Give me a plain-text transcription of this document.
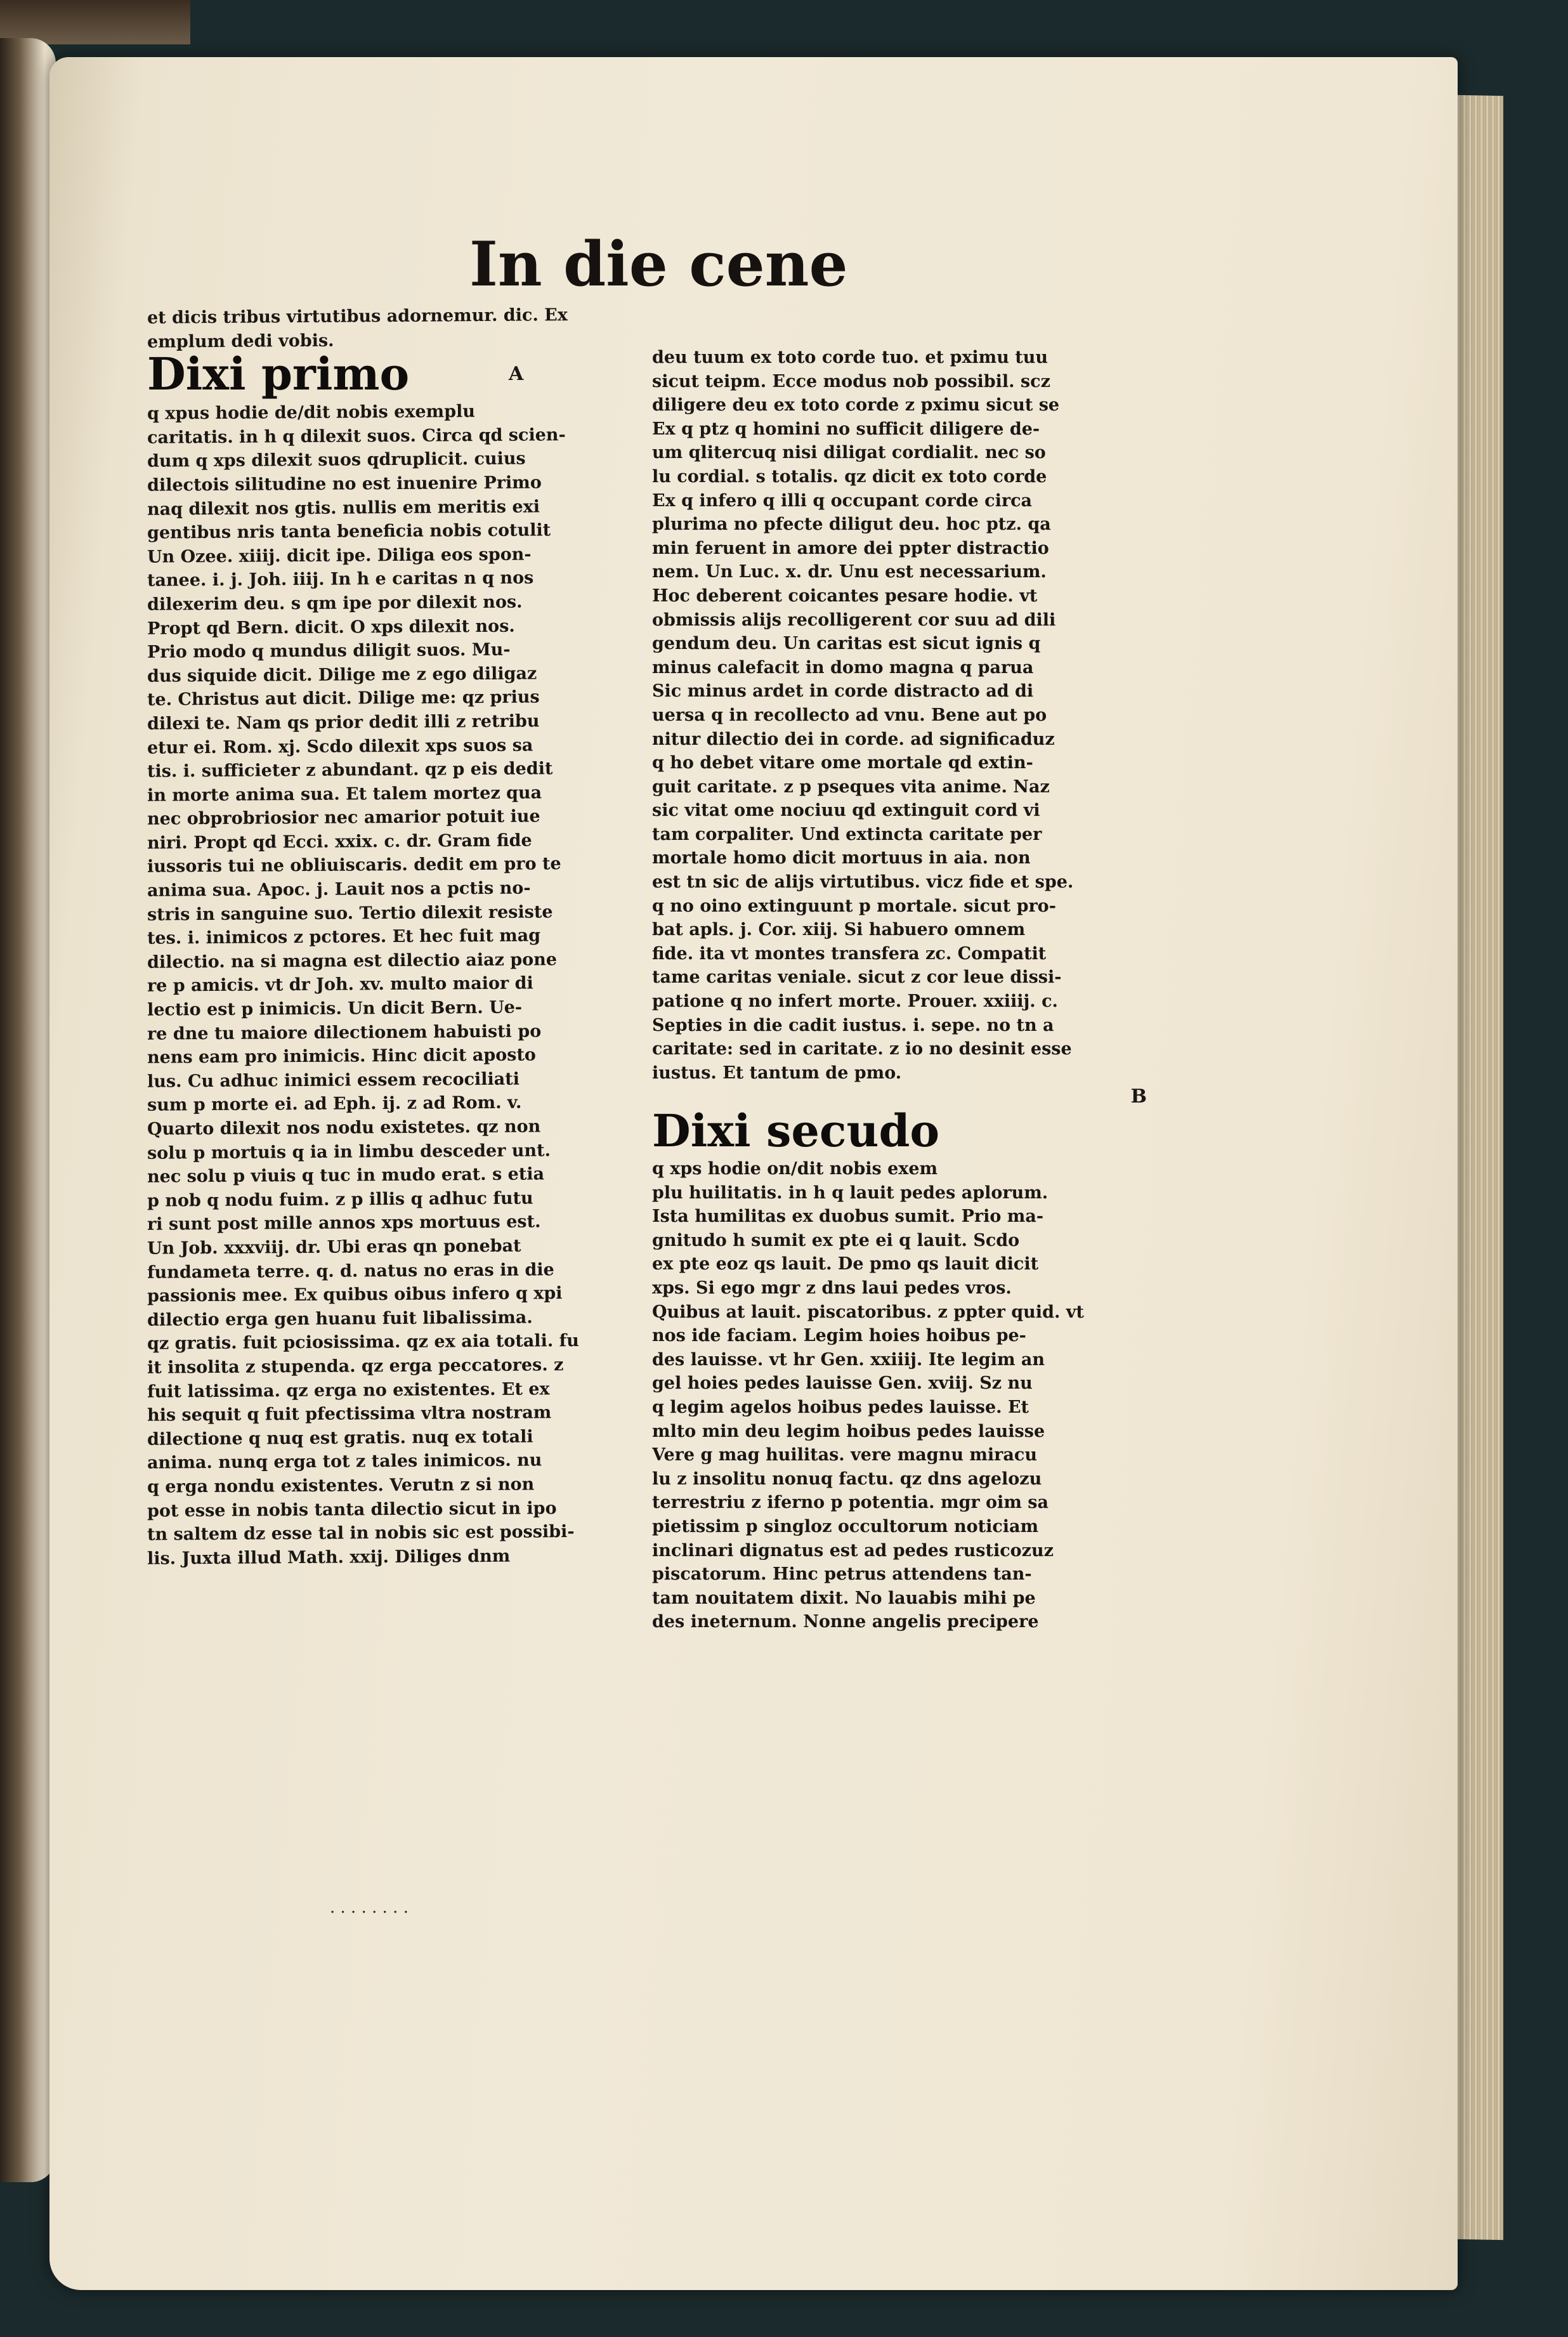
In die cene
et dicis tribus virtutibus adornemur. dic. Ex
emplum dedi vobis.
Dixi primo
q xpus hodie de/dit nobis exemplu
caritatis. in h q dilexit suos. Circa qd scien-
dum q xps dilexit suos qdruplicit. cuius
dilectois silitudine no est inuenire Primo
naq dilexit nos gtis. nullis em meritis exi
gentibus nris tanta beneficia nobis cotulit
Un Ozee. xiiij. dicit ipe. Diliga eos spon-
tanee. i. j. Joh. iiij. In h e caritas n q nos
dilexerim deu. s qm ipe por dilexit nos.
Propt qd Bern. dicit. O xps dilexit nos.
Prio modo q mundus diligit suos. Mu-
dus siquide dicit. Dilige me z ego diligaz
te. Christus aut dicit. Dilige me: qz prius
dilexi te. Nam qs prior dedit illi z retribu
etur ei. Rom. xj. Scdo dilexit xps suos sa
tis. i. sufficieter z abundant. qz p eis dedit
in morte anima sua. Et talem mortez qua
nec obprobriosior nec amarior potuit iue
niri. Propt qd Ecci. xxix. c. dr. Gram fide
iussoris tui ne obliuiscaris. dedit em pro te
anima sua. Apoc. j. Lauit nos a pctis no-
stris in sanguine suo. Tertio dilexit resiste
tes. i. inimicos z pctores. Et hec fuit mag
dilectio. na si magna est dilectio aiaz pone
re p amicis. vt dr Joh. xv. multo maior di
lectio est p inimicis. Un dicit Bern. Ue-
re dne tu maiore dilectionem habuisti po
nens eam pro inimicis. Hinc dicit aposto
lus. Cu adhuc inimici essem recociliati
sum p morte ei. ad Eph. ij. z ad Rom. v.
Quarto dilexit nos nodu existetes. qz non
solu p mortuis q ia in limbu desceder unt.
nec solu p viuis q tuc in mudo erat. s etia
p nob q nodu fuim. z p illis q adhuc futu
ri sunt post mille annos xps mortuus est.
Un Job. xxxviij. dr. Ubi eras qn ponebat
fundameta terre. q. d. natus no eras in die
passionis mee. Ex quibus oibus infero q xpi
dilectio erga gen huanu fuit libalissima.
qz gratis. fuit pciosissima. qz ex aia totali. fu
it insolita z stupenda. qz erga peccatores. z
fuit latissima. qz erga no existentes. Et ex
his sequit q fuit pfectissima vltra nostram
dilectione q nuq est gratis. nuq ex totali
anima. nunq erga tot z tales inimicos. nu
q erga nondu existentes. Verutn z si non
pot esse in nobis tanta dilectio sicut in ipo
tn saltem dz esse tal in nobis sic est possibi-
lis. Juxta illud Math. xxij. Diliges dnm
A
deu tuum ex toto corde tuo. et pximu tuu
sicut teipm. Ecce modus nob possibil. scz
diligere deu ex toto corde z pximu sicut se
Ex q ptz q homini no sufficit diligere de-
um qlitercuq nisi diligat cordialit. nec so
lu cordial. s totalis. qz dicit ex toto corde
Ex q infero q illi q occupant corde circa
plurima no pfecte diligut deu. hoc ptz. qa
min feruent in amore dei ppter distractio
nem. Un Luc. x. dr. Unu est necessarium.
Hoc deberent coicantes pesare hodie. vt
obmissis alijs recolligerent cor suu ad dili
gendum deu. Un caritas est sicut ignis q
minus calefacit in domo magna q parua
Sic minus ardet in corde distracto ad di
uersa q in recollecto ad vnu. Bene aut po
nitur dilectio dei in corde. ad significaduz
q ho debet vitare ome mortale qd extin-
guit caritate. z p pseques vita anime. Naz
sic vitat ome nociuu qd extinguit cord vi
tam corpaliter. Und extincta caritate per
mortale homo dicit mortuus in aia. non
est tn sic de alijs virtutibus. vicz fide et spe.
q no oino extinguunt p mortale. sicut pro-
bat apls. j. Cor. xiij. Si habuero omnem
fide. ita vt montes transfera zc. Compatit
tame caritas veniale. sicut z cor leue dissi-
patione q no infert morte. Prouer. xxiiij. c.
Septies in die cadit iustus. i. sepe. no tn a
caritate: sed in caritate. z io no desinit esse
iustus. Et tantum de pmo.
B
Dixi secudo
q xps hodie on/dit nobis exem
plu huilitatis. in h q lauit pedes aplorum.
Ista humilitas ex duobus sumit. Prio ma-
gnitudo h sumit ex pte ei q lauit. Scdo
ex pte eoz qs lauit. De pmo qs lauit dicit
xps. Si ego mgr z dns laui pedes vros.
Quibus at lauit. piscatoribus. z ppter quid. vt
nos ide faciam. Legim hoies hoibus pe-
des lauisse. vt hr Gen. xxiiij. Ite legim an
gel hoies pedes lauisse Gen. xviij. Sz nu
q legim agelos hoibus pedes lauisse. Et
mlto min deu legim hoibus pedes lauisse
Vere g mag huilitas. vere magnu miracu
lu z insolitu nonuq factu. qz dns agelozu
terrestriu z iferno p potentia. mgr oim sa
pietissim p singloz occultorum noticiam
inclinari dignatus est ad pedes rusticozuz
piscatorum. Hinc petrus attendens tan-
tam nouitatem dixit. No lauabis mihi pe
des ineternum. Nonne angelis precipere
· · · · · · · ·
